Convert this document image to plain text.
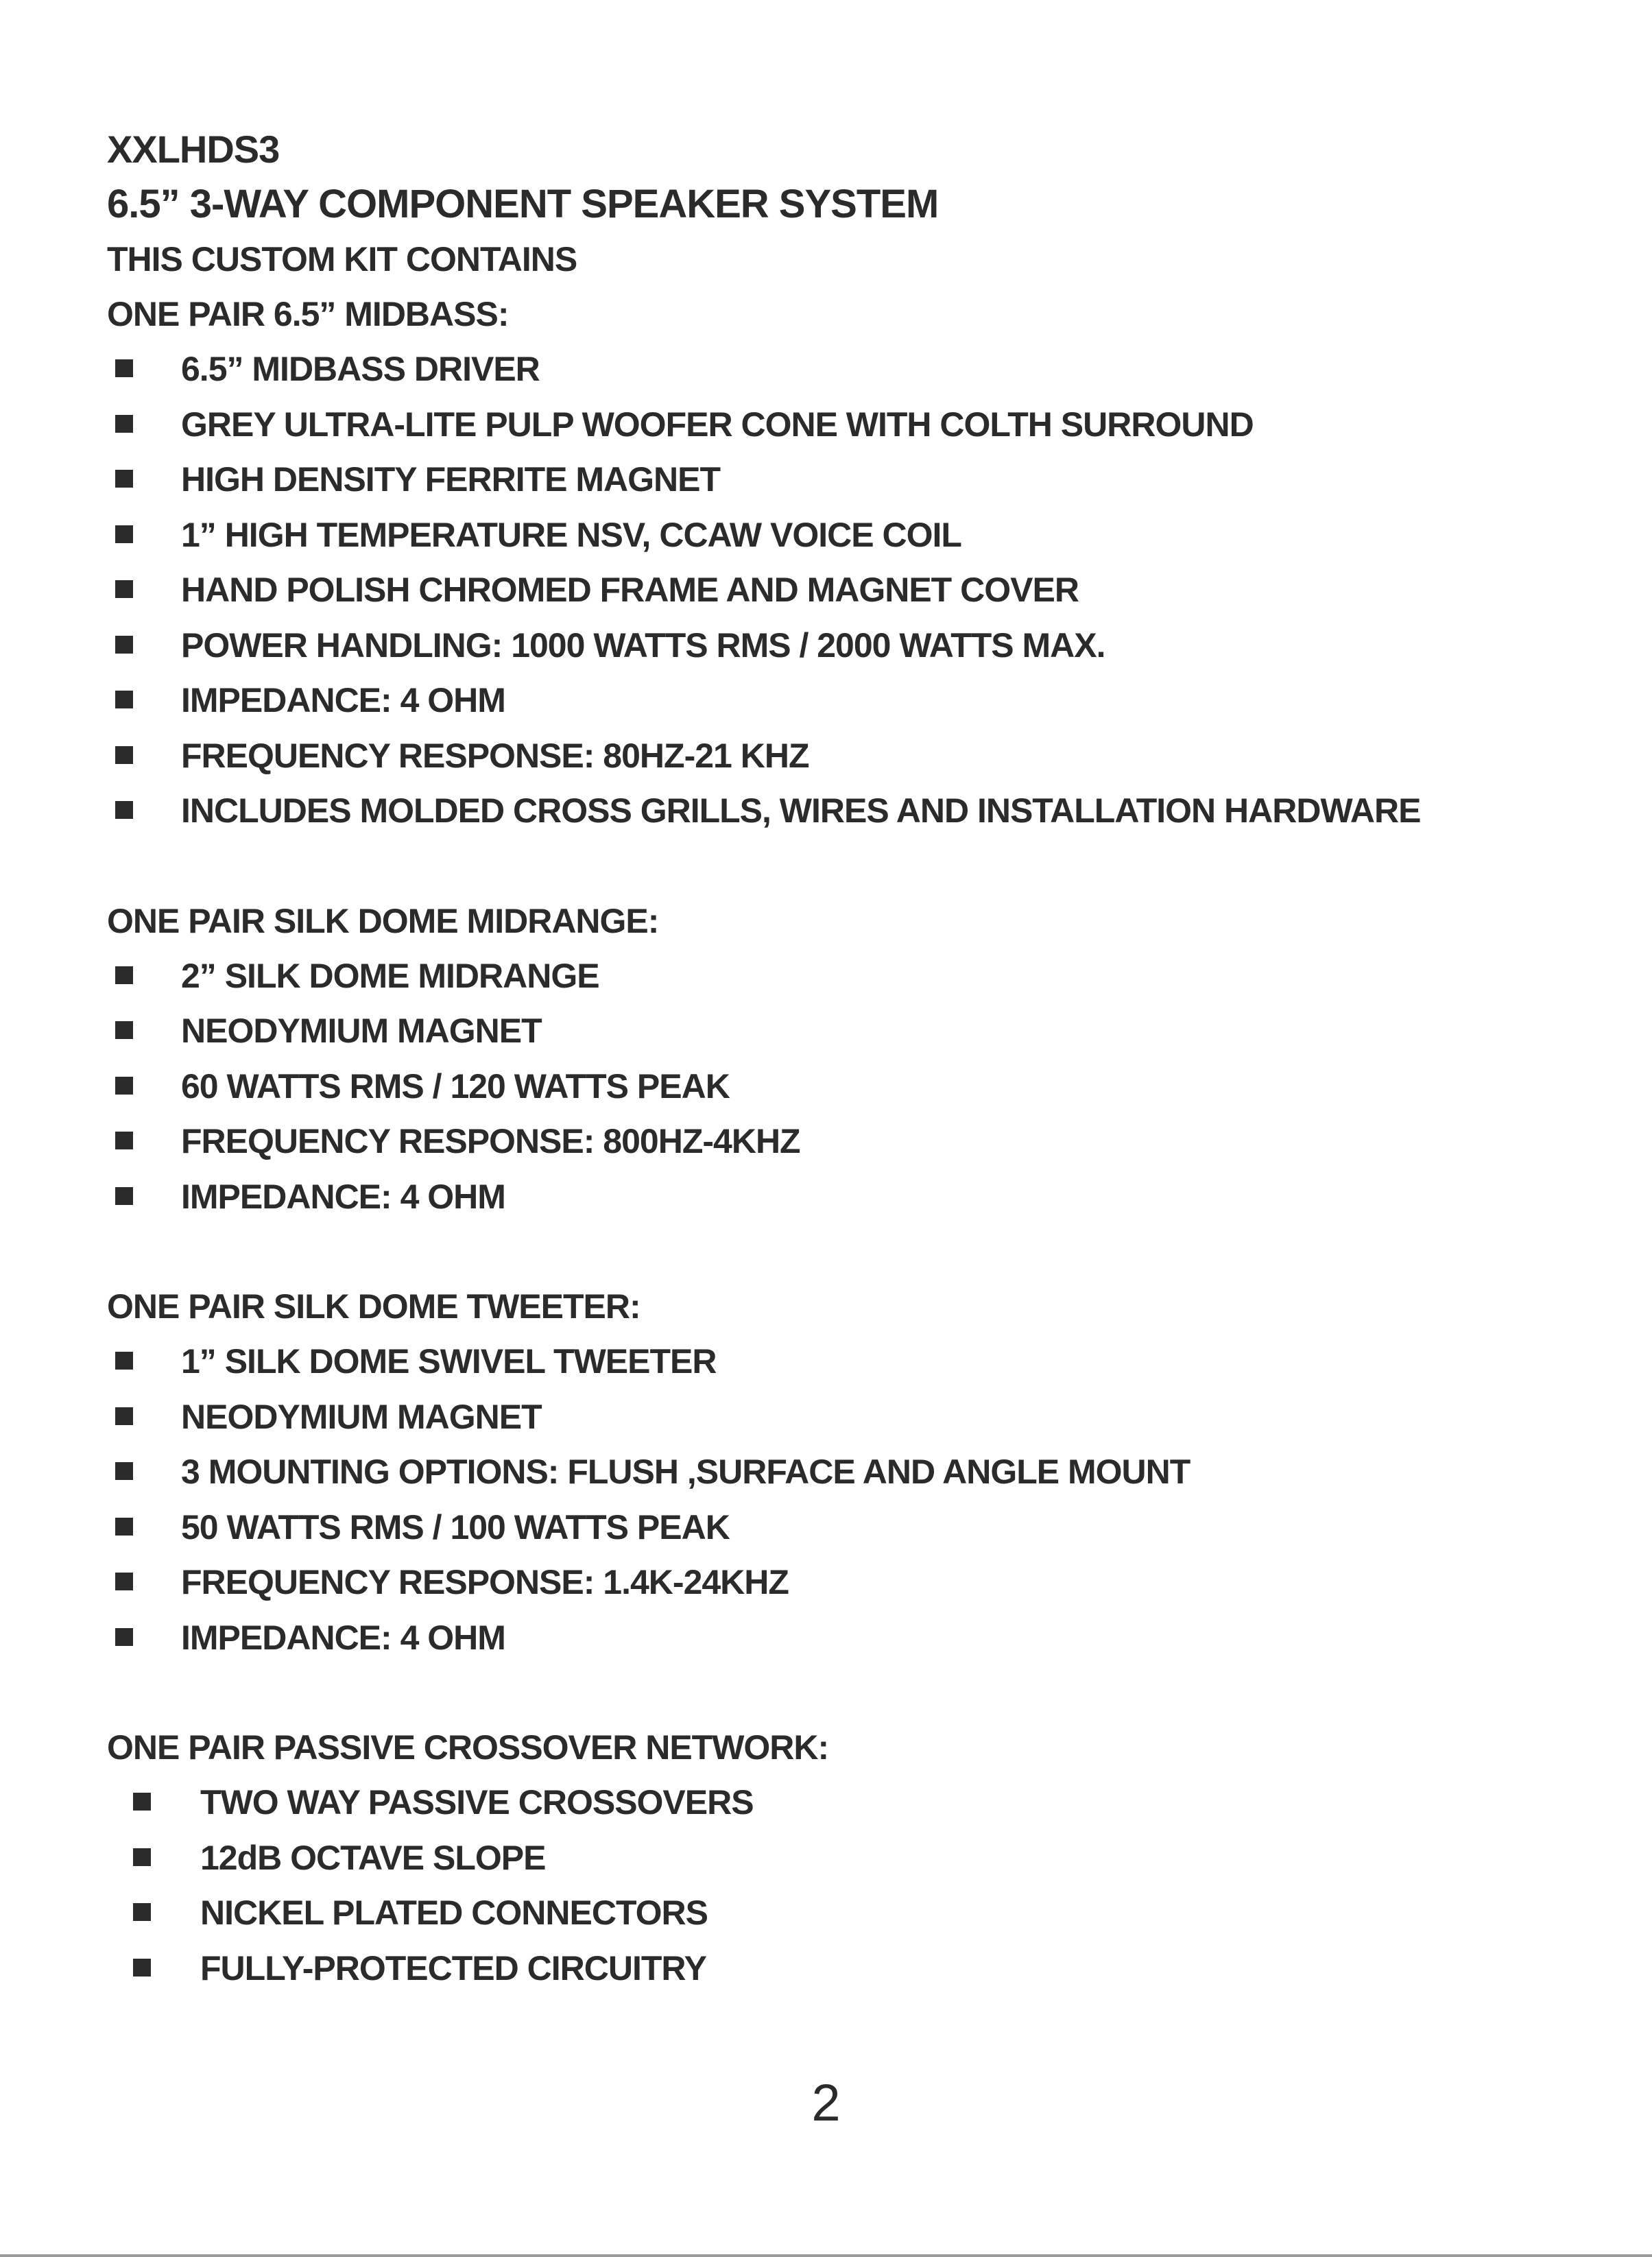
XXLHDS3
6.5” 3-WAY COMPONENT SPEAKER SYSTEM

THIS CUSTOM KIT CONTAINS

ONE PAIR 6.5” MIDBASS:

6.5” MIDBASS DRIVER
GREY ULTRA-LITE PULP WOOFER CONE WITH COLTH SURROUND
HIGH DENSITY FERRITE MAGNET
1” HIGH TEMPERATURE NSV, CCAW VOICE COIL
HAND POLISH CHROMED FRAME AND MAGNET COVER
POWER HANDLING: 1000 WATTS RMS / 2000 WATTS MAX.
IMPEDANCE: 4 OHM
FREQUENCY RESPONSE: 80HZ-21 KHZ
INCLUDES MOLDED CROSS GRILLS, WIRES AND INSTALLATION HARDWARE

ONE PAIR SILK DOME MIDRANGE:

2” SILK DOME MIDRANGE
NEODYMIUM MAGNET
60 WATTS RMS / 120 WATTS PEAK
FREQUENCY RESPONSE: 800HZ-4KHZ
IMPEDANCE: 4 OHM

ONE PAIR SILK DOME TWEETER:

1” SILK DOME SWIVEL TWEETER
NEODYMIUM MAGNET
3 MOUNTING OPTIONS: FLUSH ,SURFACE AND ANGLE MOUNT
50 WATTS RMS / 100 WATTS PEAK
FREQUENCY RESPONSE: 1.4K-24KHZ
IMPEDANCE: 4 OHM

ONE PAIR PASSIVE CROSSOVER NETWORK:

TWO WAY PASSIVE CROSSOVERS
12dB OCTAVE SLOPE
NICKEL PLATED CONNECTORS
FULLY-PROTECTED CIRCUITRY

2
